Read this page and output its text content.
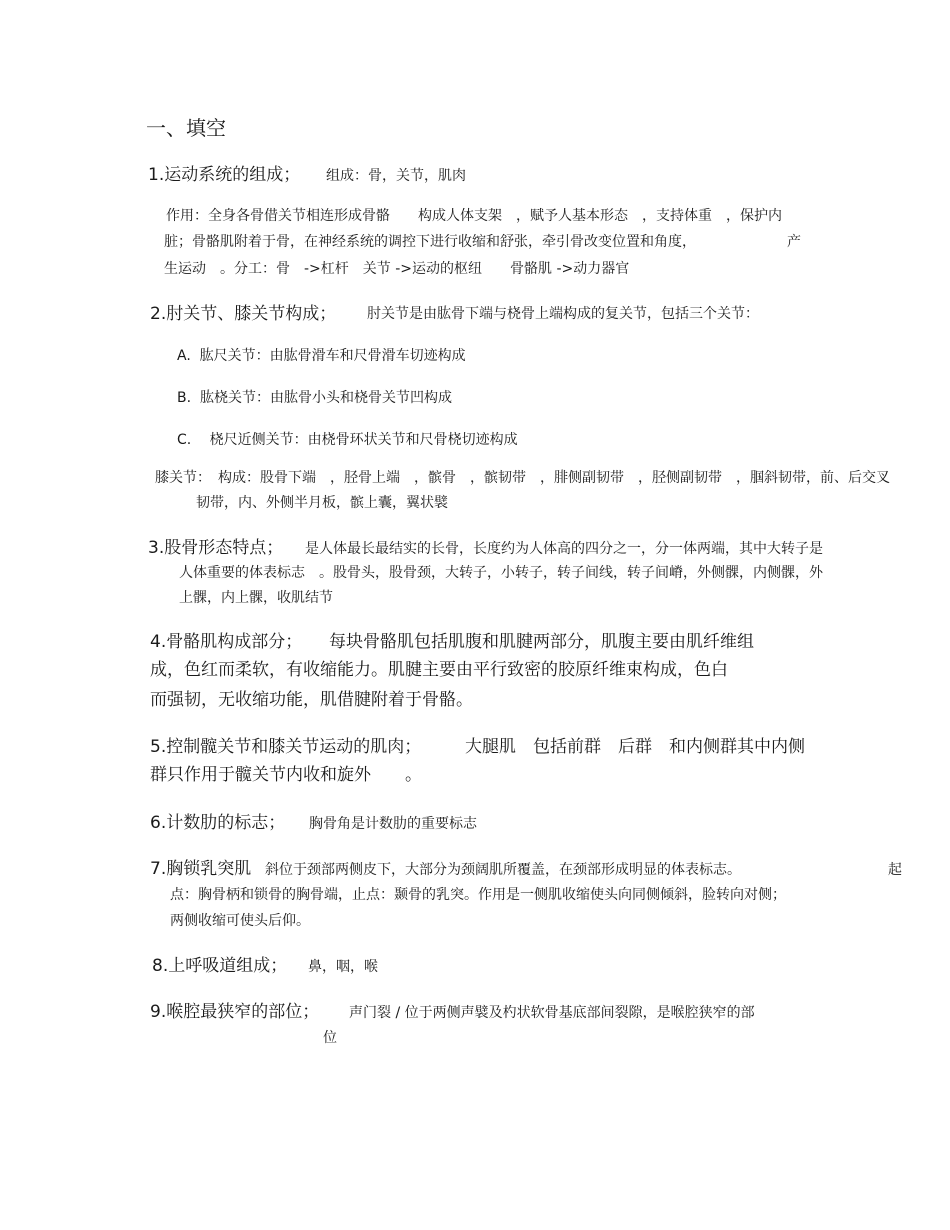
一、填空
1.运动系统的组成； 组成：骨，关节，肌肉
作用：全身各骨借关节相连形成骨骼　　构成人体支架　，赋予人基本形态　，支持体重　，保护内
脏；骨骼肌附着于骨，在神经系统的调控下进行收缩和舒张，牵引骨改变位置和角度，　　　　　　　产
生运动　。分工：骨　->杠杆　关节 ->运动的枢纽　　骨骼肌 ->动力器官
2.肘关节、膝关节构成； 肘关节是由肱骨下端与桡骨上端构成的复关节，包括三个关节：
A.  肱尺关节：由肱骨滑车和尺骨滑车切迹构成
B.  肱桡关节：由肱骨小头和桡骨关节凹构成
C.　 桡尺近侧关节：由桡骨环状关节和尺骨桡切迹构成
膝关节：　构成：股骨下端　，胫骨上端　，髌骨　，髌韧带　，腓侧副韧带　，胫侧副韧带　，腘斜韧带，前、后交叉
韧带，内、外侧半月板，髌上囊，翼状襞
3.股骨形态特点； 是人体最长最结实的长骨，长度约为人体高的四分之一，分一体两端，其中大转子是
人体重要的体表标志　。股骨头，股骨颈，大转子，小转子，转子间线，转子间嵴，外侧髁，内侧髁，外
上髁，内上髁，收肌结节
4.骨骼肌构成部分； 每块骨骼肌包括肌腹和肌腱两部分，肌腹主要由肌纤维组
成，色红而柔软，有收缩能力。肌腱主要由平行致密的胶原纤维束构成，色白
而强韧，无收缩功能，肌借腱附着于骨骼。
5.控制髋关节和膝关节运动的肌肉；	大腿肌　包括前群　后群　和内侧群其中内侧
群只作用于髋关节内收和旋外　　。
6.计数肋的标志； 胸骨角是计数肋的重要标志
7.胸锁乳突肌 斜位于颈部两侧皮下，大部分为颈阔肌所覆盖，在颈部形成明显的体表标志。	起
点：胸骨柄和锁骨的胸骨端，止点：颞骨的乳突。作用是一侧肌收缩使头向同侧倾斜，脸转向对侧；
两侧收缩可使头后仰。
8.上呼吸道组成； 鼻，咽，喉
9.喉腔最狭窄的部位； 声门裂 / 位于两侧声襞及杓状软骨基底部间裂隙，是喉腔狭窄的部
位
